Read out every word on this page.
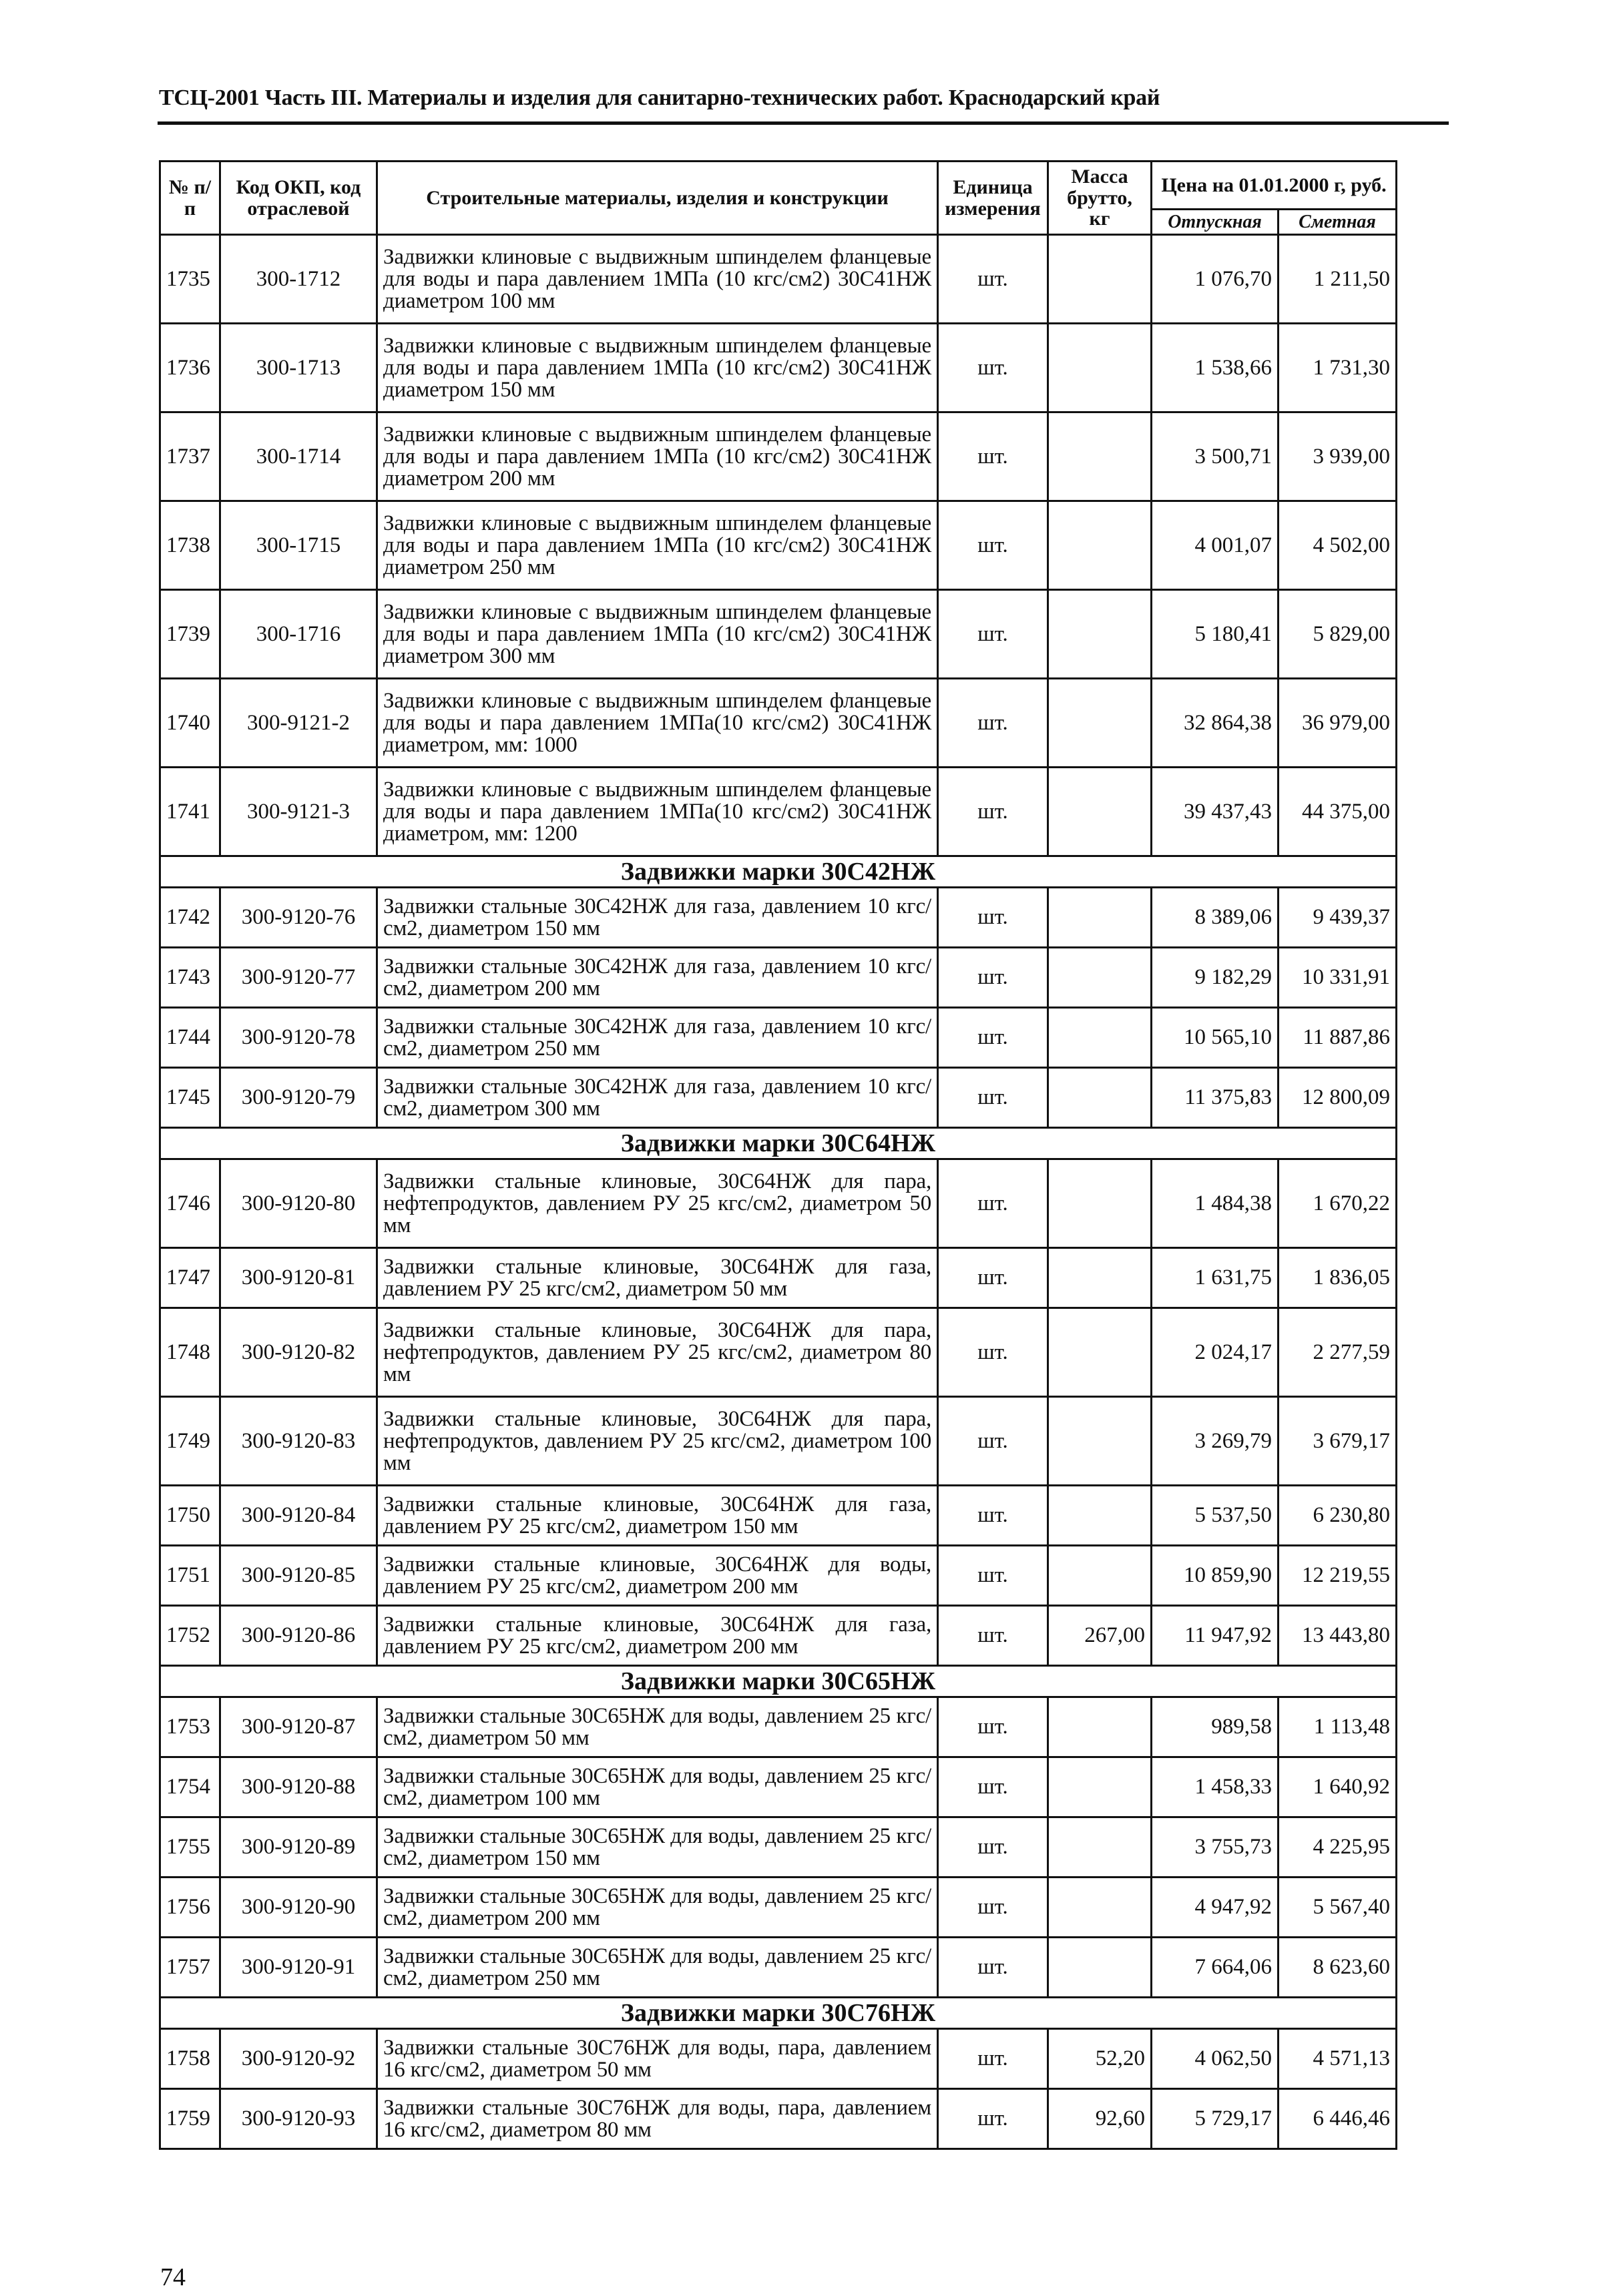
ТСЦ-2001 Часть III. Материалы и изделия для санитарно-технических работ. Краснодарский край
№ п/п	Код ОКП, код отраслевой	Строительные материалы, изделия и конструкции	Единица измерения	Масса брутто, кг	Цена на 01.01.2000 г, руб.	
					Отпускная	Сметная
1735	300-1712	Задвижки клиновые с выдвижным шпинделем фланцевые для воды и пара давлением 1МПа (10 кгс/см2) 30С41НЖ диаметром 100 мм	шт.		1 076,70	1 211,50
1736	300-1713	Задвижки клиновые с выдвижным шпинделем фланцевые для воды и пара давлением 1МПа (10 кгс/см2) 30С41НЖ диаметром 150 мм	шт.		1 538,66	1 731,30
1737	300-1714	Задвижки клиновые с выдвижным шпинделем фланцевые для воды и пара давлением 1МПа (10 кгс/см2) 30С41НЖ диаметром 200 мм	шт.		3 500,71	3 939,00
1738	300-1715	Задвижки клиновые с выдвижным шпинделем фланцевые для воды и пара давлением 1МПа (10 кгс/см2) 30С41НЖ диаметром 250 мм	шт.		4 001,07	4 502,00
1739	300-1716	Задвижки клиновые с выдвижным шпинделем фланцевые для воды и пара давлением 1МПа (10 кгс/см2) 30С41НЖ диаметром 300 мм	шт.		5 180,41	5 829,00
1740	300-9121-2	Задвижки клиновые с выдвижным шпинделем фланцевые для воды и пара давлением 1МПа(10 кгс/см2) 30С41НЖ диаметром, мм: 1000	шт.		32 864,38	36 979,00
1741	300-9121-3	Задвижки клиновые с выдвижным шпинделем фланцевые для воды и пара давлением 1МПа(10 кгс/см2) 30С41НЖ диаметром, мм: 1200	шт.		39 437,43	44 375,00
Задвижки марки 30С42НЖ						
1742	300-9120-76	Задвижки стальные 30С42НЖ для газа, давлением 10 кгс/см2, диаметром 150 мм	шт.		8 389,06	9 439,37
1743	300-9120-77	Задвижки стальные 30С42НЖ для газа, давлением 10 кгс/см2, диаметром 200 мм	шт.		9 182,29	10 331,91
1744	300-9120-78	Задвижки стальные 30С42НЖ для газа, давлением 10 кгс/см2, диаметром 250 мм	шт.		10 565,10	11 887,86
1745	300-9120-79	Задвижки стальные 30С42НЖ для газа, давлением 10 кгс/см2, диаметром 300 мм	шт.		11 375,83	12 800,09
Задвижки марки 30С64НЖ						
1746	300-9120-80	Задвижки стальные клиновые, 30С64НЖ для пара, нефтепродуктов, давлением РУ 25 кгс/см2, диаметром 50 мм	шт.		1 484,38	1 670,22
1747	300-9120-81	Задвижки стальные клиновые, 30С64НЖ для газа, давлением РУ 25 кгс/см2, диаметром 50 мм	шт.		1 631,75	1 836,05
1748	300-9120-82	Задвижки стальные клиновые, 30С64НЖ для пара, нефтепродуктов, давлением РУ 25 кгс/см2, диаметром 80 мм	шт.		2 024,17	2 277,59
1749	300-9120-83	Задвижки стальные клиновые, 30С64НЖ для пара, нефтепродуктов, давлением РУ 25 кгс/см2, диаметром 100 мм	шт.		3 269,79	3 679,17
1750	300-9120-84	Задвижки стальные клиновые, 30С64НЖ для газа, давлением РУ 25 кгс/см2, диаметром 150 мм	шт.		5 537,50	6 230,80
1751	300-9120-85	Задвижки стальные клиновые, 30С64НЖ для воды, давлением РУ 25 кгс/см2, диаметром 200 мм	шт.		10 859,90	12 219,55
1752	300-9120-86	Задвижки стальные клиновые, 30С64НЖ для газа, давлением РУ 25 кгс/см2, диаметром 200 мм	шт.	267,00	11 947,92	13 443,80
Задвижки марки 30С65НЖ						
1753	300-9120-87	Задвижки стальные 30С65НЖ для воды, давлением 25 кгс/см2, диаметром 50 мм	шт.		989,58	1 113,48
1754	300-9120-88	Задвижки стальные 30С65НЖ для воды, давлением 25 кгс/см2, диаметром 100 мм	шт.		1 458,33	1 640,92
1755	300-9120-89	Задвижки стальные 30С65НЖ для воды, давлением 25 кгс/см2, диаметром 150 мм	шт.		3 755,73	4 225,95
1756	300-9120-90	Задвижки стальные 30С65НЖ для воды, давлением 25 кгс/см2, диаметром 200 мм	шт.		4 947,92	5 567,40
1757	300-9120-91	Задвижки стальные 30С65НЖ для воды, давлением 25 кгс/см2, диаметром 250 мм	шт.		7 664,06	8 623,60
Задвижки марки 30С76НЖ						
1758	300-9120-92	Задвижки стальные 30С76НЖ для воды, пара, давлением 16 кгс/см2, диаметром 50 мм	шт.	52,20	4 062,50	4 571,13
1759	300-9120-93	Задвижки стальные 30С76НЖ для воды, пара, давлением 16 кгс/см2, диаметром 80 мм	шт.	92,60	5 729,17	6 446,46
74
